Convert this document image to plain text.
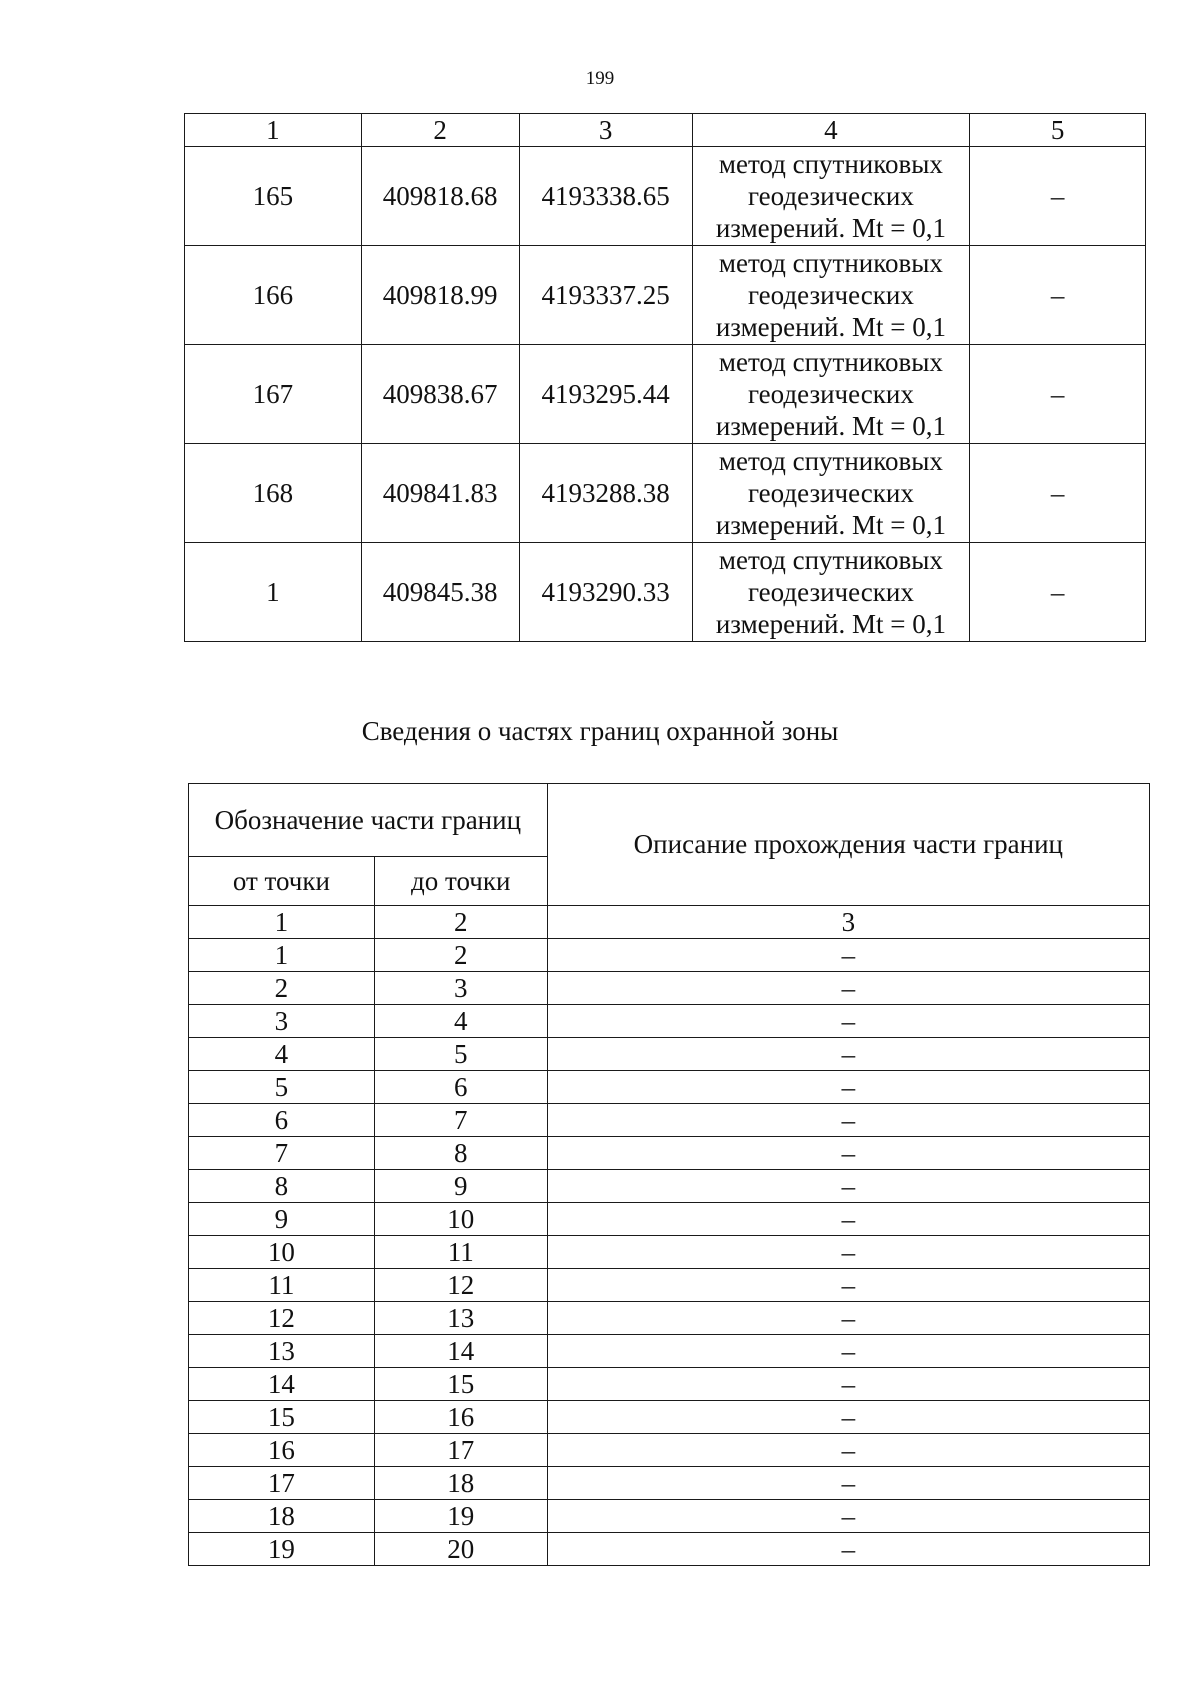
199
1	2	3	4	5
165	409818.68	4193338.65	метод спутниковых
геодезических
измерений. Mt = 0,1	–
166	409818.99	4193337.25	метод спутниковых
геодезических
измерений. Mt = 0,1	–
167	409838.67	4193295.44	метод спутниковых
геодезических
измерений. Mt = 0,1	–
168	409841.83	4193288.38	метод спутниковых
геодезических
измерений. Mt = 0,1	–
1	409845.38	4193290.33	метод спутниковых
геодезических
измерений. Mt = 0,1	–
Сведения о частях границ охранной зоны
Обозначение части границ		Описание прохождения части границ
от точки	до точки	
1	2	3
1	2	–
2	3	–
3	4	–
4	5	–
5	6	–
6	7	–
7	8	–
8	9	–
9	10	–
10	11	–
11	12	–
12	13	–
13	14	–
14	15	–
15	16	–
16	17	–
17	18	–
18	19	–
19	20	–
